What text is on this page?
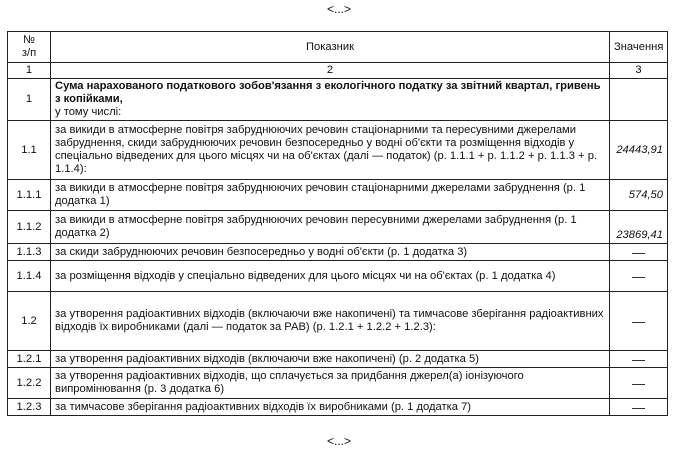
<...>
№
з/п	Показник	Значення
1	2	3
1	Сума нарахованого податкового зобов'язання з екологічного податку за звітний квартал, гривень з копійками,
у тому числі:	
1.1	за викиди в атмосферне повітря забруднюючих речовин стаціонарними та пересувними джерелами забруднення, скиди забруднюючих речовин безпосередньо у водні об'єкти та розміщення відходів у спеціально відведених для цього місцях чи на об'єктах (далі — податок) (р. 1.1.1 + р. 1.1.2 + р. 1.1.3 + р. 1.1.4):	24443,91
1.1.1	за викиди в атмосферне повітря забруднюючих речовин стаціонарними джерелами забруднення (р. 1 додатка 1)	574,50
1.1.2	за викиди в атмосферне повітря забруднюючих речовин пересувними джерелами забруднення (р. 1 додатка 2)	23869,41
1.1.3	за скиди забруднюючих речовин безпосередньо у водні об'єкти (р. 1 додатка 3)	—
1.1.4	за розміщення відходів у спеціально відведених для цього місцях чи на об'єктах (р. 1 додатка 4)	—
1.2	за утворення радіоактивних відходів (включаючи вже накопичені) та тимчасове зберігання радіоактивних відходів їх виробниками (далі — податок за РАВ) (р. 1.2.1 + 1.2.2 + 1.2.3):	—
1.2.1	за утворення радіоактивних відходів (включаючи вже накопичені) (р. 2 додатка 5)	—
1.2.2	за утворення радіоактивних відходів, що сплачується за придбання джерел(а) іонізуючого випромінювання (р. 3 додатка 6)	—
1.2.3	за тимчасове зберігання радіоактивних відходів їх виробниками (р. 1 додатка 7)	—
<...>
